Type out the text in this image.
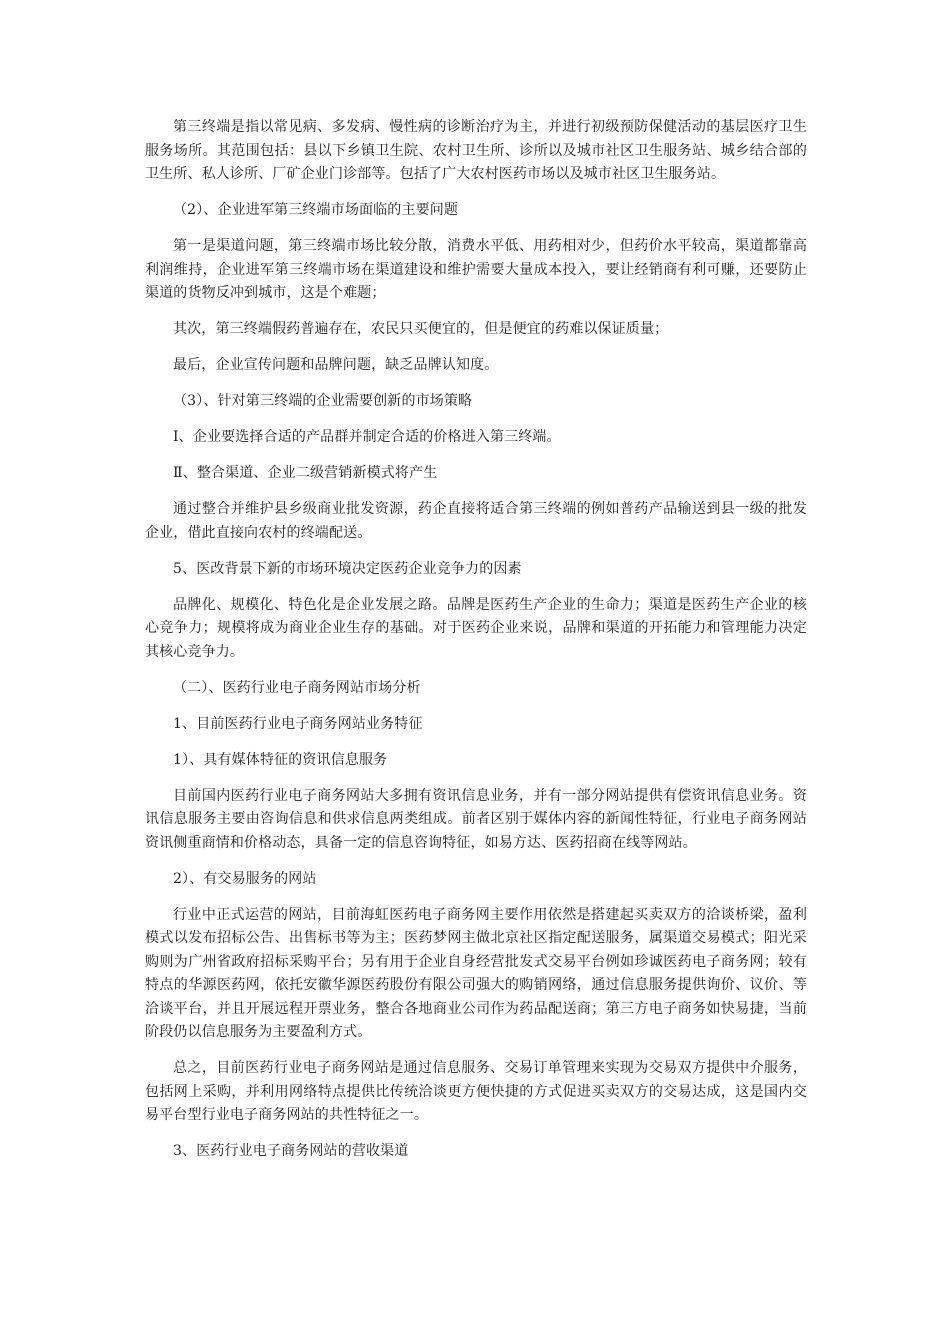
第三终端是指以常见病、多发病、慢性病的诊断治疗为主，并进行初级预防保健活动的基层医疗卫生服务场所。其范围包括：县以下乡镇卫生院、农村卫生所、诊所以及城市社区卫生服务站、城乡结合部的卫生所、私人诊所、厂矿企业门诊部等。包括了广大农村医药市场以及城市社区卫生服务站。

（2）、企业进军第三终端市场面临的主要问题

第一是渠道问题，第三终端市场比较分散，消费水平低、用药相对少，但药价水平较高，渠道都靠高利润维持，企业进军第三终端市场在渠道建设和维护需要大量成本投入，要让经销商有利可赚，还要防止渠道的货物反冲到城市，这是个难题；

其次，第三终端假药普遍存在，农民只买便宜的，但是便宜的药难以保证质量；

最后，企业宣传问题和品牌问题，缺乏品牌认知度。

（3）、针对第三终端的企业需要创新的市场策略

Ⅰ、企业要选择合适的产品群并制定合适的价格进入第三终端。

Ⅱ、整合渠道、企业二级营销新模式将产生

通过整合并维护县乡级商业批发资源，药企直接将适合第三终端的例如普药产品输送到县一级的批发企业，借此直接向农村的终端配送。

5、医改背景下新的市场环境决定医药企业竞争力的因素

品牌化、规模化、特色化是企业发展之路。品牌是医药生产企业的生命力；渠道是医药生产企业的核心竞争力；规模将成为商业企业生存的基础。对于医药企业来说，品牌和渠道的开拓能力和管理能力决定其核心竞争力。

（二）、医药行业电子商务网站市场分析

1、目前医药行业电子商务网站业务特征

1）、具有媒体特征的资讯信息服务

目前国内医药行业电子商务网站大多拥有资讯信息业务，并有一部分网站提供有偿资讯信息业务。资讯信息服务主要由咨询信息和供求信息两类组成。前者区别于媒体内容的新闻性特征，行业电子商务网站资讯侧重商情和价格动态，具备一定的信息咨询特征，如易方达、医药招商在线等网站。

2）、有交易服务的网站

行业中正式运营的网站，目前海虹医药电子商务网主要作用依然是搭建起买卖双方的洽谈桥梁，盈利模式以发布招标公告、出售标书等为主；医药梦网主做北京社区指定配送服务，属渠道交易模式；阳光采购则为广州省政府招标采购平台；另有用于企业自身经营批发式交易平台例如珍诚医药电子商务网；较有特点的华源医药网，依托安徽华源医药股份有限公司强大的购销网络，通过信息服务提供询价、议价、等洽谈平台，并且开展远程开票业务，整合各地商业公司作为药品配送商；第三方电子商务如快易捷，当前阶段仍以信息服务为主要盈利方式。

总之，目前医药行业电子商务网站是通过信息服务、交易订单管理来实现为交易双方提供中介服务，包括网上采购，并利用网络特点提供比传统洽谈更方便快捷的方式促进买卖双方的交易达成，这是国内交易平台型行业电子商务网站的共性特征之一。

3、医药行业电子商务网站的营收渠道
